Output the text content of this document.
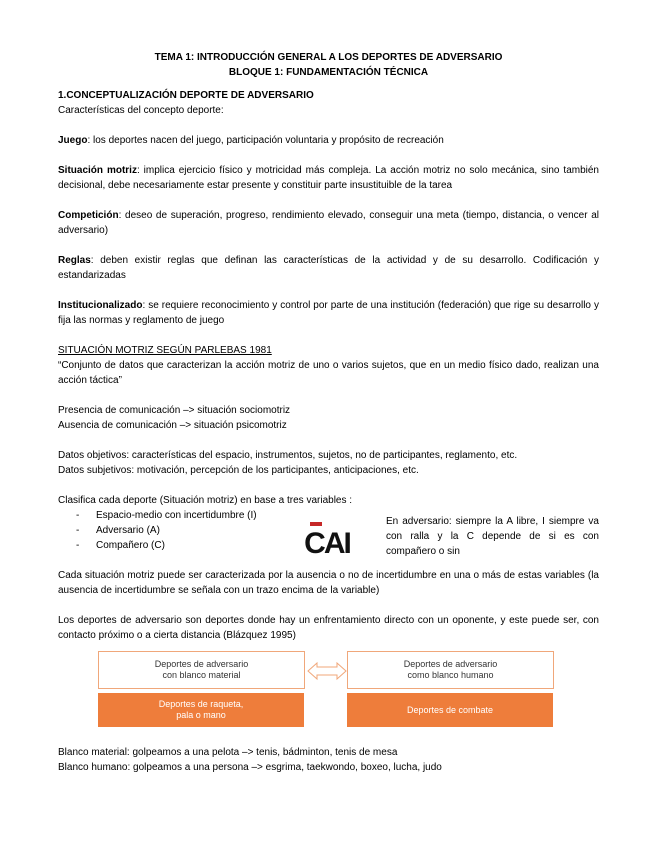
TEMA 1: INTRODUCCIÓN GENERAL A LOS DEPORTES DE ADVERSARIO

BLOQUE 1: FUNDAMENTACIÓN TÉCNICA

1.CONCEPTUALIZACIÓN DEPORTE DE ADVERSARIO

Características del concepto deporte:

Juego: los deportes nacen del juego, participación voluntaria y propósito de recreación

Situación motriz: implica ejercicio físico y motricidad más compleja. La acción motriz no solo mecánica, sino también decisional, debe necesariamente estar presente y constituir parte insustituible de la tarea

Competición: deseo de superación, progreso, rendimiento elevado, conseguir una meta (tiempo, distancia, o vencer al adversario)

Reglas: deben existir reglas que definan las características de la actividad y de su desarrollo. Codificación y estandarizadas

Institucionalizado: se requiere reconocimiento y control por parte de una institución (federación) que rige su desarrollo y fija las normas y reglamento de juego

SITUACIÓN MOTRIZ SEGÚN PARLEBAS 1981

“Conjunto de datos que caracterizan la acción motriz de uno o varios sujetos, que en un medio físico dado, realizan una acción táctica”

Presencia de comunicación –> situación sociomotriz

Ausencia de comunicación –> situación psicomotriz

Datos objetivos: características del espacio, instrumentos, sujetos, no de participantes, reglamento, etc.

Datos subjetivos: motivación, percepción de los participantes, anticipaciones, etc.

Clasifica cada deporte (Situación motriz) en base a tres variables :

- Espacio-medio con incertidumbre (I)
- Adversario (A)
- Compañero (C)	CAI

En adversario: siempre la A libre, I siempre va con ralla y la C depende de si es con compañero o sin

Cada situación motriz puede ser caracterizada por la ausencia o no de incertidumbre en una o más de estas variables (la ausencia de incertidumbre se señala con un trazo encima de la variable)

Los deportes de adversario son deportes donde hay un enfrentamiento directo con un oponente, y este puede ser, con contacto próximo o a cierta distancia (Blázquez 1995)

Deportes de adversario
con blanco material
Deportes de adversario
como blanco humano
Deportes de raqueta,
pala o mano
Deportes de combate

Blanco material: golpeamos a una pelota –> tenis, bádminton, tenis de mesa

Blanco humano: golpeamos a una persona –> esgrima, taekwondo, boxeo, lucha, judo
